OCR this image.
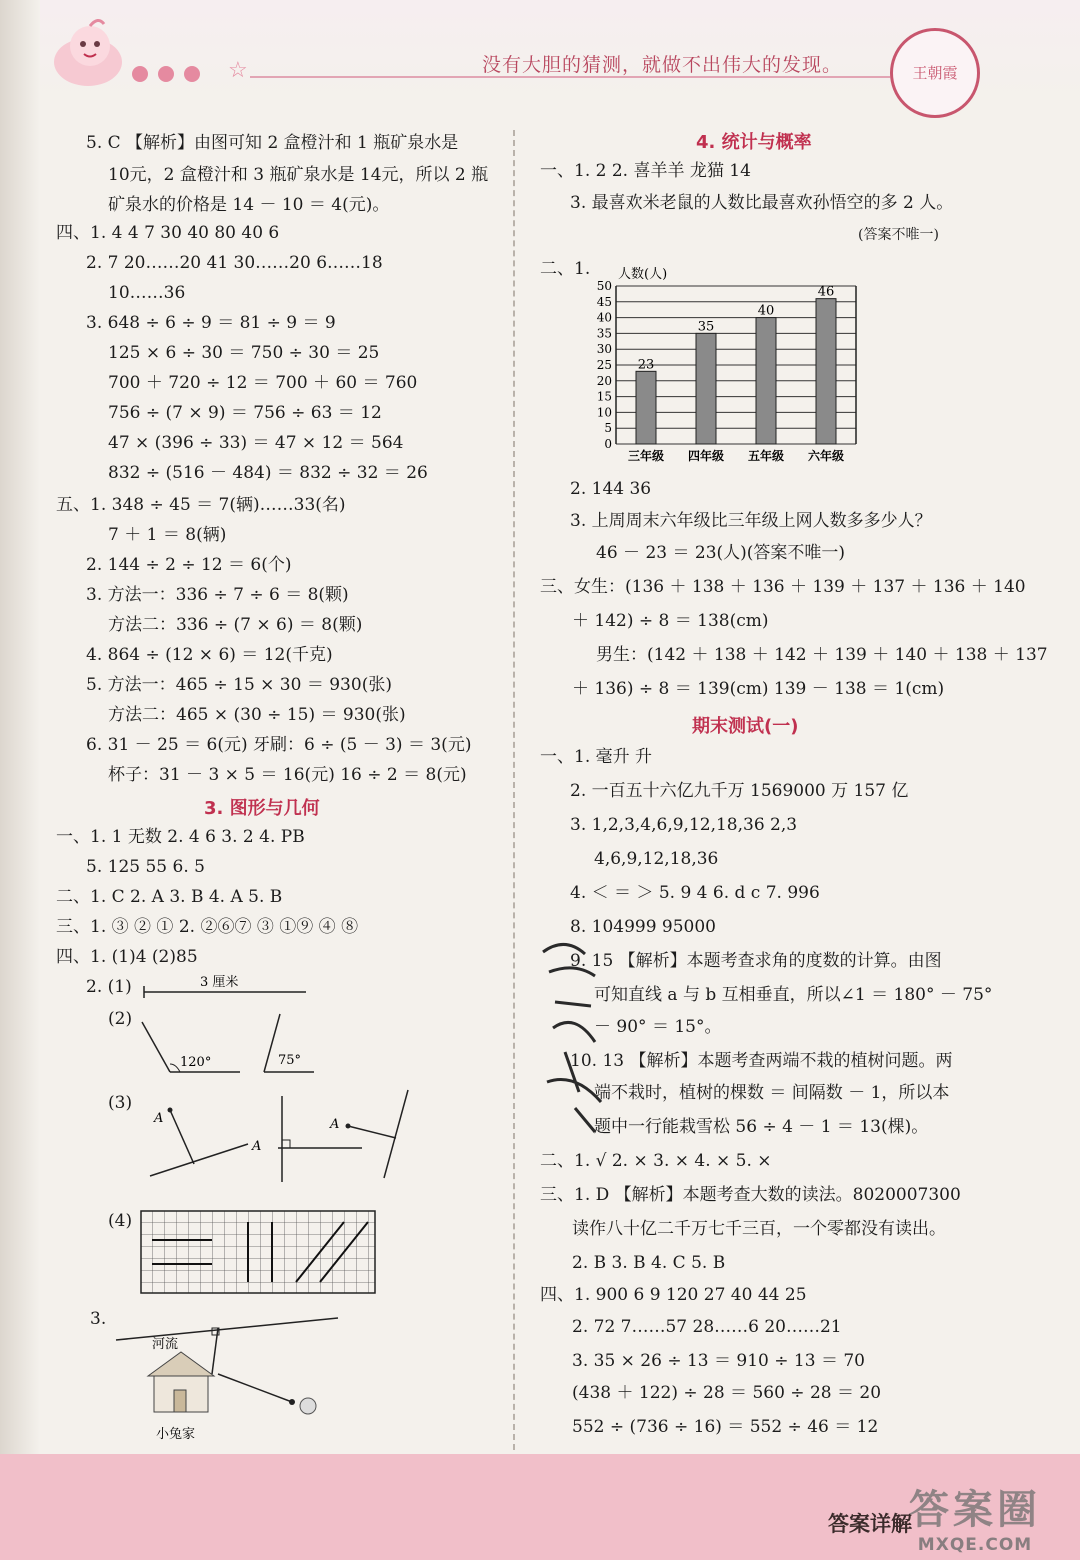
☆	没有大胆的猜测，就做不出伟大的发现。	王朝霞
5. C 【解析】由图可知 2 盒橙汁和 1 瓶矿泉水是
10元，2 盒橙汁和 3 瓶矿泉水是 14元，所以 2 瓶
矿泉水的价格是 14 － 10 ＝ 4(元)。
四、1. 4 4 7 30 40 80 40 6
2. 7 20……20 41 30……20 6……18
10……36
3. 648 ÷ 6 ÷ 9 ＝ 81 ÷ 9 ＝ 9
125 × 6 ÷ 30 ＝ 750 ÷ 30 ＝ 25
700 ＋ 720 ÷ 12 ＝ 700 ＋ 60 ＝ 760
756 ÷ (7 × 9) ＝ 756 ÷ 63 ＝ 12
47 × (396 ÷ 33) ＝ 47 × 12 ＝ 564
832 ÷ (516 － 484) ＝ 832 ÷ 32 ＝ 26
五、1. 348 ÷ 45 ＝ 7(辆)……33(名)
7 ＋ 1 ＝ 8(辆)
2. 144 ÷ 2 ÷ 12 ＝ 6(个)
3. 方法一：336 ÷ 7 ÷ 6 ＝ 8(颗)
方法二：336 ÷ (7 × 6) ＝ 8(颗)
4. 864 ÷ (12 × 6) ＝ 12(千克)
5. 方法一：465 ÷ 15 × 30 ＝ 930(张)
方法二：465 × (30 ÷ 15) ＝ 930(张)
6. 31 － 25 ＝ 6(元) 牙刷：6 ÷ (5 － 3) ＝ 3(元)
杯子：31 － 3 × 5 ＝ 16(元) 16 ÷ 2 ＝ 8(元)
3. 图形与几何
一、1. 1 无数 2. 4 6 3. 2 4. PB
5. 125 55 6. 5
二、1. C 2. A 3. B 4. A 5. B
三、1. ③ ② ① 2. ②⑥⑦ ③ ①⑨ ④ ⑧
四、1. (1)4 (2)85
2. (1)	3 厘米
(2)
120°	75°
(3)
A
A
A
(4)
3.
河流
小兔家
4. 统计与概率
一、1. 2 2. 喜羊羊 龙猫 14
3. 最喜欢米老鼠的人数比最喜欢孙悟空的多 2 人。
(答案不唯一)
二、1. 人数(人)
23
35
40
46
0
5
10
15
20
25
30
35
40
45
50
三年级 四年级 五年级 六年级
2. 144 36
3. 上周周末六年级比三年级上网人数多多少人？
46 － 23 ＝ 23(人)(答案不唯一)
三、女生：(136 ＋ 138 ＋ 136 ＋ 139 ＋ 137 ＋ 136 ＋ 140
＋ 142) ÷ 8 ＝ 138(cm)
男生：(142 ＋ 138 ＋ 142 ＋ 139 ＋ 140 ＋ 138 ＋ 137
＋ 136) ÷ 8 ＝ 139(cm) 139 － 138 ＝ 1(cm)
期末测试(一)
一、1. 毫升 升
2. 一百五十六亿九千万 1569000 万 157 亿
3. 1,2,3,4,6,9,12,18,36 2,3
4,6,9,12,18,36
4. ＜ ＝ ＞ 5. 9 4 6. d c 7. 996
8. 104999 95000
9. 15 【解析】本题考查求角的度数的计算。由图
可知直线 a 与 b 互相垂直，所以∠1 ＝ 180° － 75°
－ 90° ＝ 15°。
10. 13 【解析】本题考查两端不栽的植树问题。两
端不栽时，植树的棵数 ＝ 间隔数 － 1，所以本
题中一行能栽雪松 56 ÷ 4 － 1 ＝ 13(棵)。
二、1. √ 2. × 3. × 4. × 5. ×
三、1. D 【解析】本题考查大数的读法。8020007300
读作八十亿二千万七千三百，一个零都没有读出。
2. B 3. B 4. C 5. B
四、1. 900 6 9 120 27 40 44 25
2. 72 7……57 28……6 20……21
3. 35 × 26 ÷ 13 ＝ 910 ÷ 13 ＝ 70
(438 ＋ 122) ÷ 28 ＝ 560 ÷ 28 ＝ 20
552 ÷ (736 ÷ 16) ＝ 552 ÷ 46 ＝ 12
答案详解
答案圈
MXQE.COM
